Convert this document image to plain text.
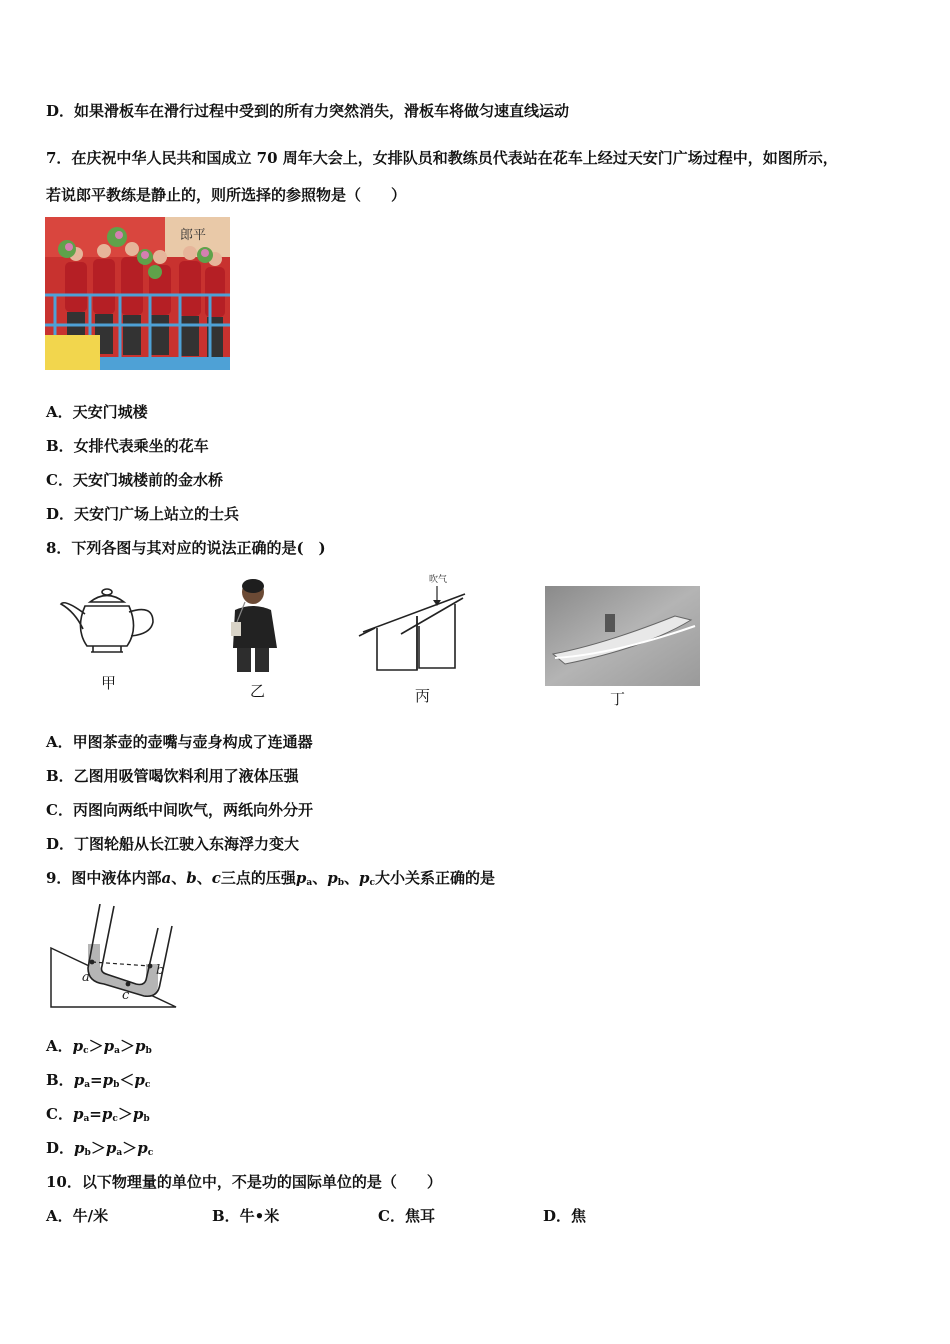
D．如果滑板车在滑行过程中受到的所有力突然消失，滑板车将做匀速直线运动
7．在庆祝中华人民共和国成立 70 周年大会上，女排队员和教练员代表站在花车上经过天安门广场过程中，如图所示，
若说郎平教练是静止的，则所选择的参照物是（　　）
郎平
A．天安门城楼
B．女排代表乘坐的花车
C．天安门城楼前的金水桥
D．天安门广场上站立的士兵
8．下列各图与其对应的说法正确的是(　)
甲	乙
吹气
丙	丁
A．甲图茶壶的壶嘴与壶身构成了连通器
B．乙图用吸管喝饮料利用了液体压强
C．丙图向两纸中间吹气，两纸向外分开
D．丁图轮船从长江驶入东海浮力变大
9．图中液体内部a、b、c三点的压强$p_a$、$p_b$、$p_c$大小关系正确的是
a	b
c
A．$p_c>p_a>p_b$
B．$p_a=p_b<p_c$
C．$p_a=p_c>p_b$
D．$p_b>p_a>p_c$
10．以下物理量的单位中，不是功的国际单位的是（　　）
A．牛/米	B．牛•米	C．焦耳	D．焦
